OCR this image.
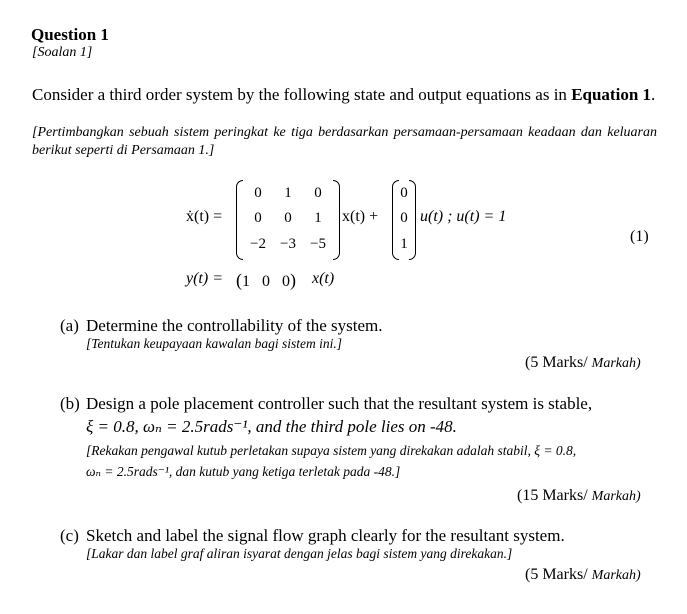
Question 1
[Soalan 1]
Consider a third order system by the following state and output equations as in Equation 1.
[Pertimbangkan sebuah sistem peringkat ke tiga berdasarkan persamaan-persamaan keadaan dan keluaran berikut seperti di Persamaan 1.]
ẋ(t) =
0	1	0
0	0	1
−2 −3 −5
x(t) +
0
0
1
u(t) ; u(t) = 1
(1)
y(t) = (1 0 0) x(t)
(a) Determine the controllability of the system.
[Tentukan keupayaan kawalan bagi sistem ini.]
(5 Marks/ Markah)
(b) Design a pole placement controller such that the resultant system is stable,
ξ = 0.8, ωₙ = 2.5rads⁻¹, and the third pole lies on -48.
[Rekakan pengawal kutub perletakan supaya sistem yang direkakan adalah stabil, ξ = 0.8,
ωₙ = 2.5rads⁻¹, dan kutub yang ketiga terletak pada -48.]
(15 Marks/ Markah)
(c) Sketch and label the signal flow graph clearly for the resultant system.
[Lakar dan label graf aliran isyarat dengan jelas bagi sistem yang direkakan.]
(5 Marks/ Markah)
